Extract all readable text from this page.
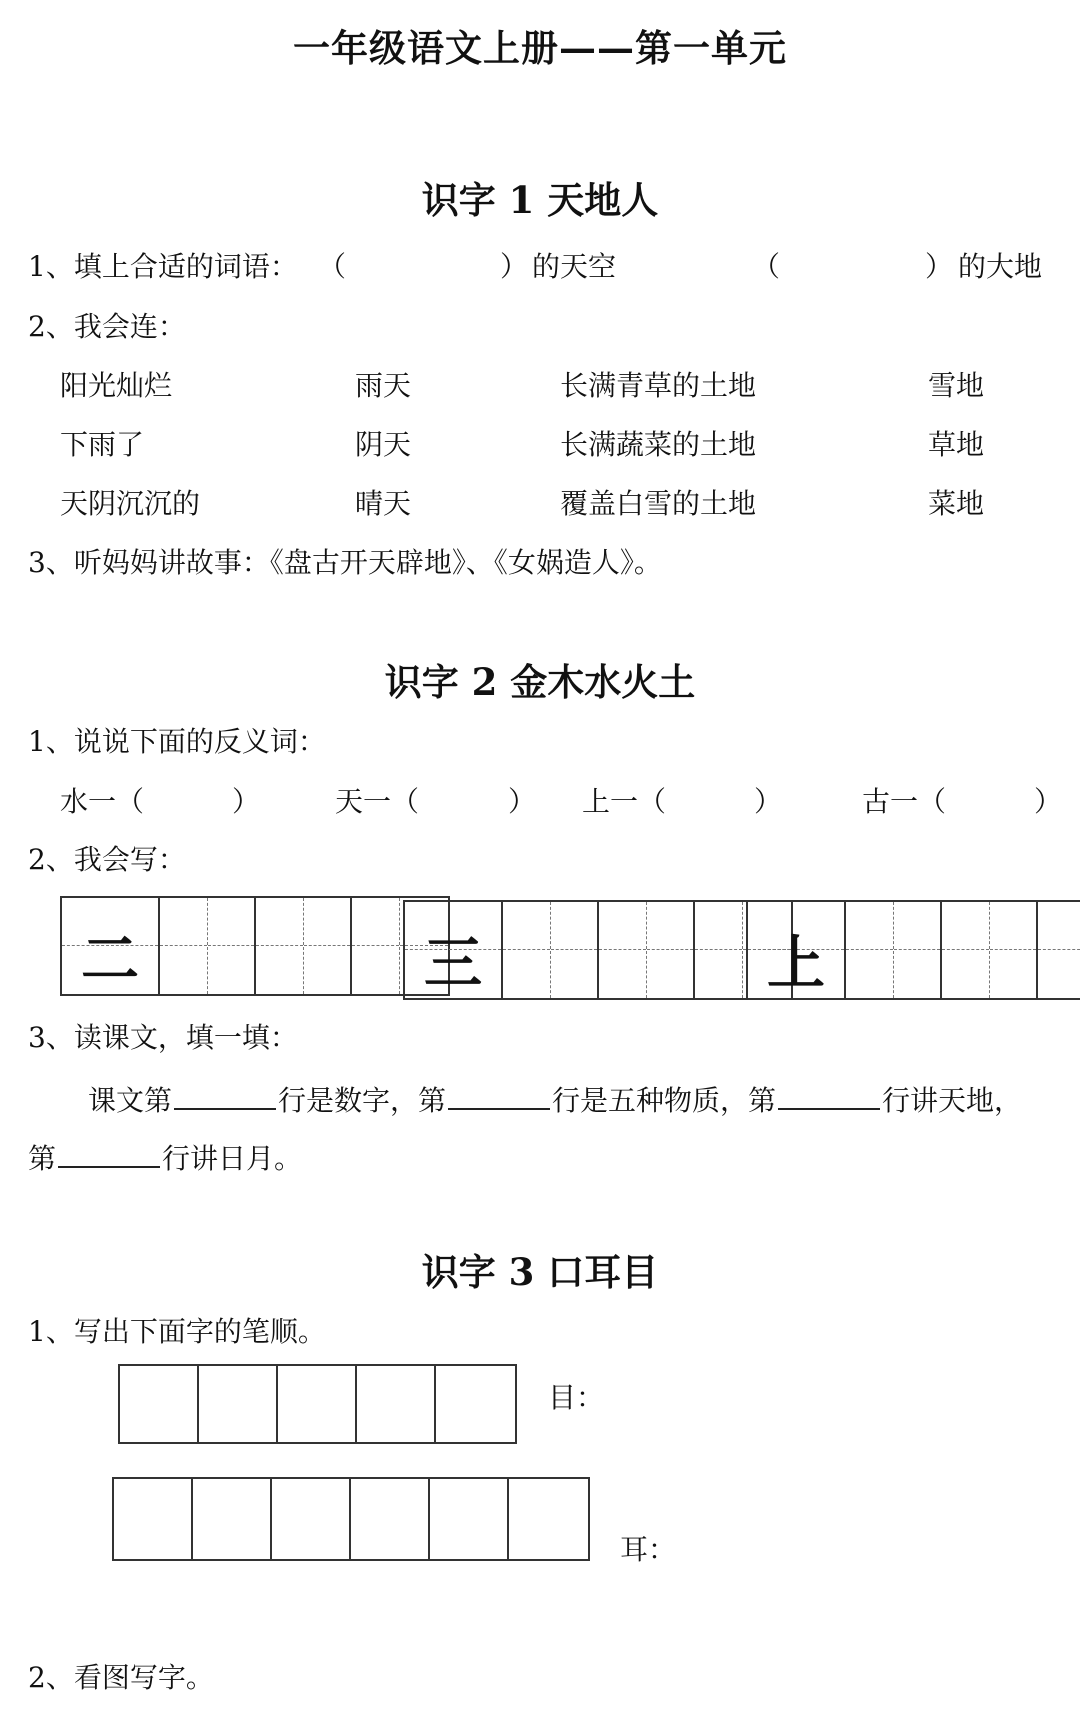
一年级语文上册——第一单元
识字 1 天地人
1、填上合适的词语： （	） 的天空	（	） 的大地
2、我会连：
阳光灿烂	雨天	长满青草的土地	雪地
下雨了	阴天	长满蔬菜的土地	草地
天阴沉沉的	晴天	覆盖白雪的土地	菜地
3、听妈妈讲故事：《盘古开天辟地》、《女娲造人》。
识字 2 金木水火土
1、说说下面的反义词：
水一（	）	天一（	） 上一（	）	古一（	）
2、我会写：
二	三	上
3、读课文，填一填：
课文第	行是数字，第	行是五种物质，第	行讲天地，
第	行讲日月。
识字 3 口耳目
1、写出下面字的笔顺。
目：
耳：
2、看图写字。
